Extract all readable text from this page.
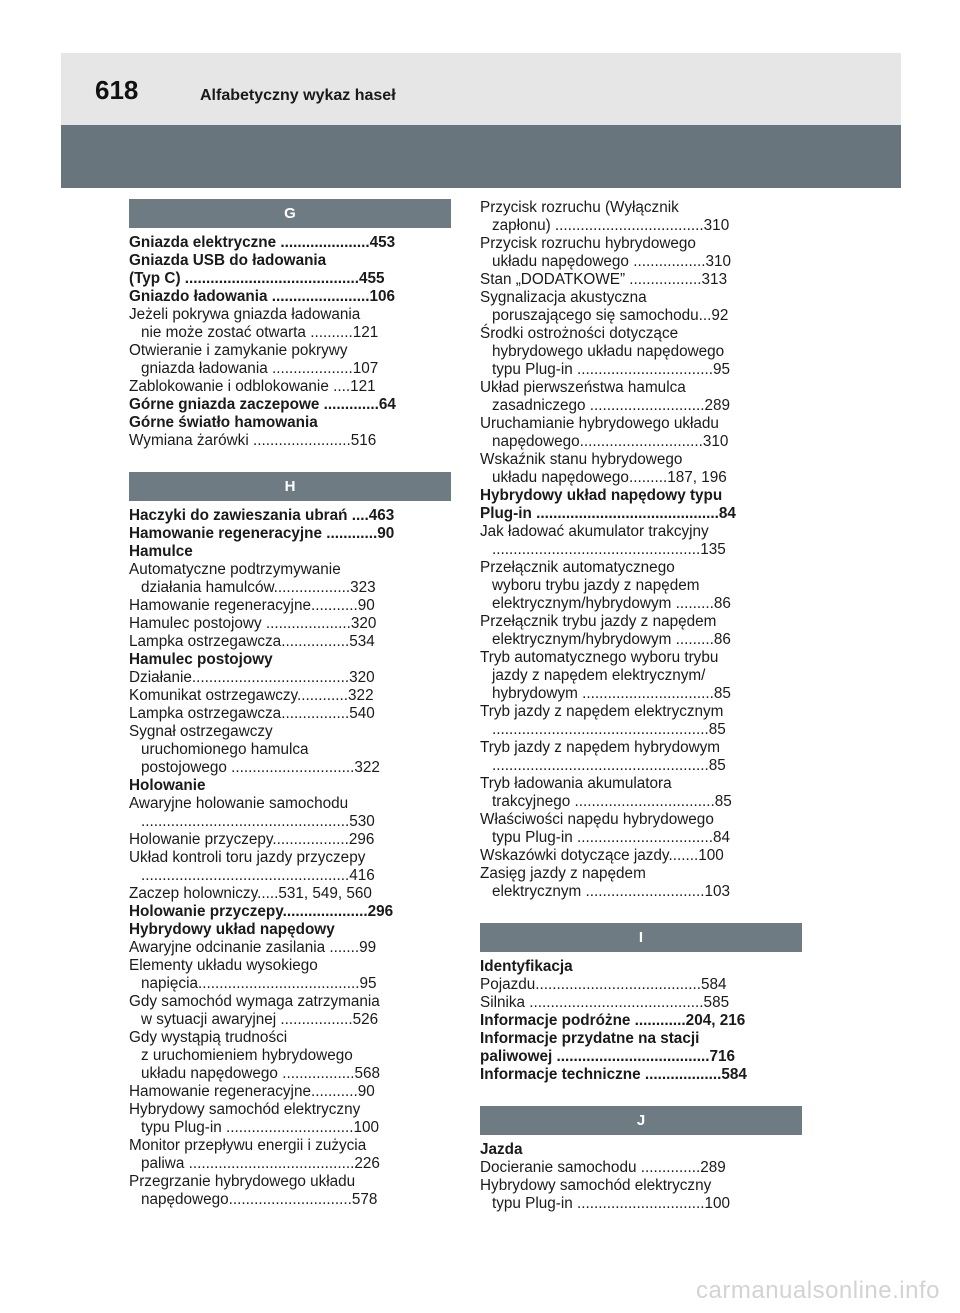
618	Alfabetyczny wykaz haseł
G
Gniazda elektryczne .....................453
Gniazda USB do ładowania
(Typ C) .........................................455
Gniazdo ładowania .......................106
Jeżeli pokrywa gniazda ładowania
nie może zostać otwarta ..........121
Otwieranie i zamykanie pokrywy
gniazda ładowania ...................107
Zablokowanie i odblokowanie ....121
Górne gniazda zaczepowe .............64
Górne światło hamowania
Wymiana żarówki .......................516
H
Haczyki do zawieszania ubrań ....463
Hamowanie regeneracyjne ............90
Hamulce
Automatyczne podtrzymywanie
działania hamulców..................323
Hamowanie regeneracyjne...........90
Hamulec postojowy ....................320
Lampka ostrzegawcza................534
Hamulec postojowy
Działanie.....................................320
Komunikat ostrzegawczy............322
Lampka ostrzegawcza................540
Sygnał ostrzegawczy
uruchomionego hamulca
postojowego .............................322
Holowanie
Awaryjne holowanie samochodu
.................................................530
Holowanie przyczepy..................296
Układ kontroli toru jazdy przyczepy
.................................................416
Zaczep holowniczy.....531, 549, 560
Holowanie przyczepy....................296
Hybrydowy układ napędowy
Awaryjne odcinanie zasilania .......99
Elementy układu wysokiego
napięcia......................................95
Gdy samochód wymaga zatrzymania
w sytuacji awaryjnej .................526
Gdy wystąpią trudności
z uruchomieniem hybrydowego
układu napędowego .................568
Hamowanie regeneracyjne...........90
Hybrydowy samochód elektryczny
typu Plug-in ..............................100
Monitor przepływu energii i zużycia
paliwa .......................................226
Przegrzanie hybrydowego układu
napędowego.............................578
Przycisk rozruchu (Wyłącznik
zapłonu) ...................................310
Przycisk rozruchu hybrydowego
układu napędowego .................310
Stan „DODATKOWE” .................313
Sygnalizacja akustyczna
poruszającego się samochodu...92
Środki ostrożności dotyczące
hybrydowego układu napędowego
typu Plug-in ................................95
Układ pierwszeństwa hamulca
zasadniczego ...........................289
Uruchamianie hybrydowego układu
napędowego.............................310
Wskaźnik stanu hybrydowego
układu napędowego.........187, 196
Hybrydowy układ napędowy typu
Plug-in ...........................................84
Jak ładować akumulator trakcyjny
.................................................135
Przełącznik automatycznego
wyboru trybu jazdy z napędem
elektrycznym/hybrydowym .........86
Przełącznik trybu jazdy z napędem
elektrycznym/hybrydowym .........86
Tryb automatycznego wyboru trybu
jazdy z napędem elektrycznym/
hybrydowym ...............................85
Tryb jazdy z napędem elektrycznym
...................................................85
Tryb jazdy z napędem hybrydowym
...................................................85
Tryb ładowania akumulatora
trakcyjnego .................................85
Właściwości napędu hybrydowego
typu Plug-in ................................84
Wskazówki dotyczące jazdy.......100
Zasięg jazdy z napędem
elektrycznym ............................103
I
Identyfikacja
Pojazdu.......................................584
Silnika .........................................585
Informacje podróżne ............204, 216
Informacje przydatne na stacji
paliwowej ....................................716
Informacje techniczne ..................584
J
Jazda
Docieranie samochodu ..............289
Hybrydowy samochód elektryczny
typu Plug-in ..............................100
carmanualsonline.info
